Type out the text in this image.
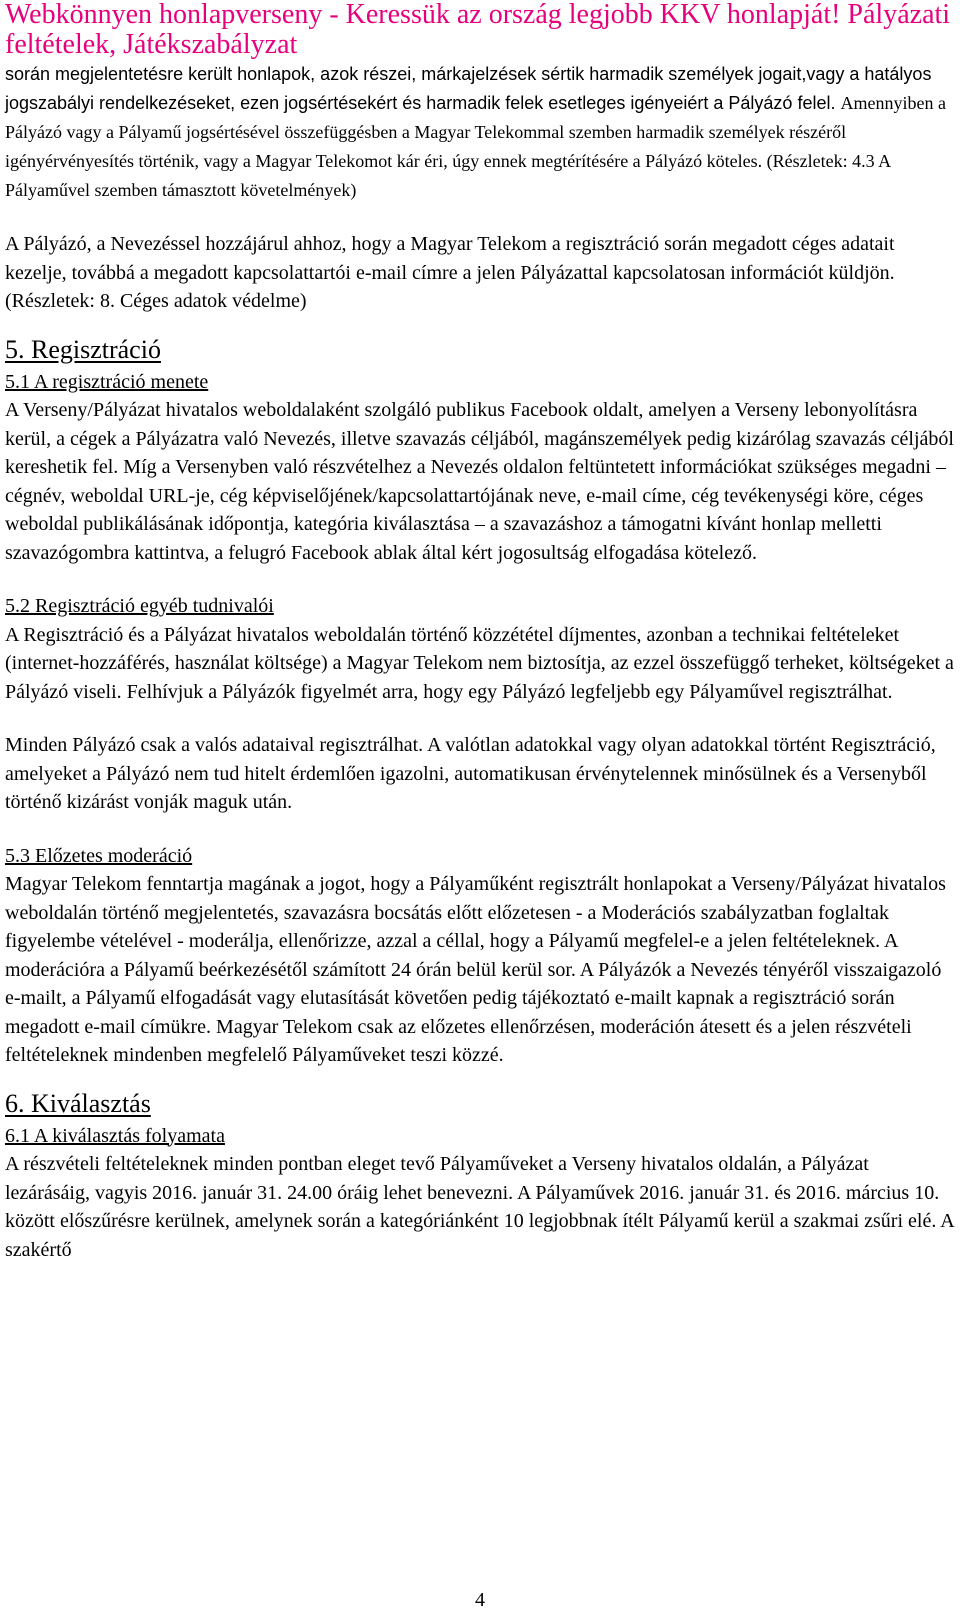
Webkönnyen honlapverseny - Keressük az ország legjobb KKV honlapját! Pályázati feltételek, Játékszabályzat

során megjelentetésre került honlapok, azok részei, márkajelzések sértik harmadik személyek jogait,vagy a hatályos jogszabályi rendelkezéseket, ezen jogsértésekért és harmadik felek esetleges igényeiért a Pályázó felel. Amennyiben a Pályázó vagy a Pályamű jogsértésével összefüggésben a Magyar Telekommal szemben harmadik személyek részéről igényérvényesítés történik, vagy a Magyar Telekomot kár éri, úgy ennek megtérítésére a Pályázó köteles. (Részletek: 4.3 A Pályaművel szemben támasztott követelmények)

A Pályázó, a Nevezéssel hozzájárul ahhoz, hogy a Magyar Telekom a regisztráció során megadott céges adatait kezelje, továbbá a megadott kapcsolattartói e-mail címre a jelen Pályázattal kapcsolatosan információt küldjön. (Részletek: 8. Céges adatok védelme)

5. Regisztráció
5.1 A regisztráció menete

A Verseny/Pályázat hivatalos weboldalaként szolgáló publikus Facebook oldalt, amelyen a Verseny lebonyolításra kerül, a cégek a Pályázatra való Nevezés, illetve szavazás céljából, magánszemélyek pedig kizárólag szavazás céljából kereshetik fel. Míg a Versenyben való részvételhez a Nevezés oldalon feltüntetett információkat szükséges megadni – cégnév, weboldal URL-je, cég képviselőjének/kapcsolattartójának neve, e-mail címe, cég tevékenységi köre, céges weboldal publikálásának időpontja, kategória kiválasztása – a szavazáshoz a támogatni kívánt honlap melletti szavazógombra kattintva, a felugró Facebook ablak által kért jogosultság elfogadása kötelező.

5.2 Regisztráció egyéb tudnivalói

A Regisztráció és a Pályázat hivatalos weboldalán történő közzététel díjmentes, azonban a technikai feltételeket (internet-hozzáférés, használat költsége) a Magyar Telekom nem biztosítja, az ezzel összefüggő terheket, költségeket a Pályázó viseli. Felhívjuk a Pályázók figyelmét arra, hogy egy Pályázó legfeljebb egy Pályaművel regisztrálhat.

Minden Pályázó csak a valós adataival regisztrálhat. A valótlan adatokkal vagy olyan adatokkal történt Regisztráció, amelyeket a Pályázó nem tud hitelt érdemlően igazolni, automatikusan érvénytelennek minősülnek és a Versenyből történő kizárást vonják maguk után.

5.3 Előzetes moderáció

Magyar Telekom fenntartja magának a jogot, hogy a Pályaműként regisztrált honlapokat a Verseny/Pályázat hivatalos weboldalán történő megjelentetés, szavazásra bocsátás előtt előzetesen - a Moderációs szabályzatban foglaltak figyelembe vételével - moderálja, ellenőrizze, azzal a céllal, hogy a Pályamű megfelel-e a jelen feltételeknek. A moderációra a Pályamű beérkezésétől számított 24 órán belül kerül sor. A Pályázók a Nevezés tényéről visszaigazoló e-mailt, a Pályamű elfogadását vagy elutasítását követően pedig tájékoztató e-mailt kapnak a regisztráció során megadott e-mail címükre. Magyar Telekom csak az előzetes ellenőrzésen, moderáción átesett és a jelen részvételi feltételeknek mindenben megfelelő Pályaműveket teszi közzé.

6. Kiválasztás
6.1 A kiválasztás folyamata

A részvételi feltételeknek minden pontban eleget tevő Pályaműveket a Verseny hivatalos oldalán, a Pályázat lezárásáig, vagyis 2016. január 31. 24.00 óráig lehet benevezni. A Pályaművek 2016. január 31. és 2016. március 10. között előszűrésre kerülnek, amelynek során a kategóriánként 10 legjobbnak ítélt Pályamű kerül a szakmai zsűri elé. A szakértő

4
